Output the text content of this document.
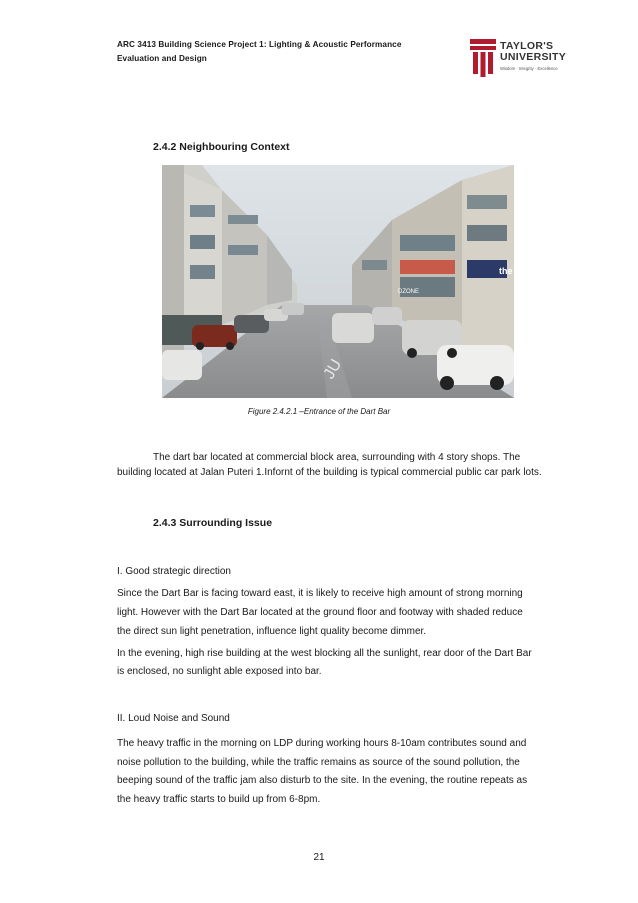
ARC 3413 Building Science Project 1: Lighting & Acoustic Performance
Evaluation and Design
TAYLOR'S
UNIVERSITY
Wisdom · Integrity · Excellence
2.4.2 Neighbouring Context
DZONE
the
JU
Figure 2.4.2.1 –Entrance of the Dart Bar
The dart bar located at commercial block area, surrounding with 4 story shops. The
building located at Jalan Puteri 1.Infornt of the building is typical commercial public car park lots.
2.4.3 Surrounding Issue
I. Good strategic direction
Since the Dart Bar is facing toward east, it is likely to receive high amount of strong morning
light. However with the Dart Bar located at the ground floor and footway with shaded reduce
the direct sun light penetration, influence light quality become dimmer.
In the evening, high rise building at the west blocking all the sunlight, rear door of the Dart Bar
is enclosed, no sunlight able exposed into bar.
II. Loud Noise and Sound
The heavy traffic in the morning on LDP during working hours 8-10am contributes sound and
noise pollution to the building, while the traffic remains as source of the sound pollution, the
beeping sound of the traffic jam also disturb to the site. In the evening, the routine repeats as
the heavy traffic starts to build up from 6-8pm.
21
